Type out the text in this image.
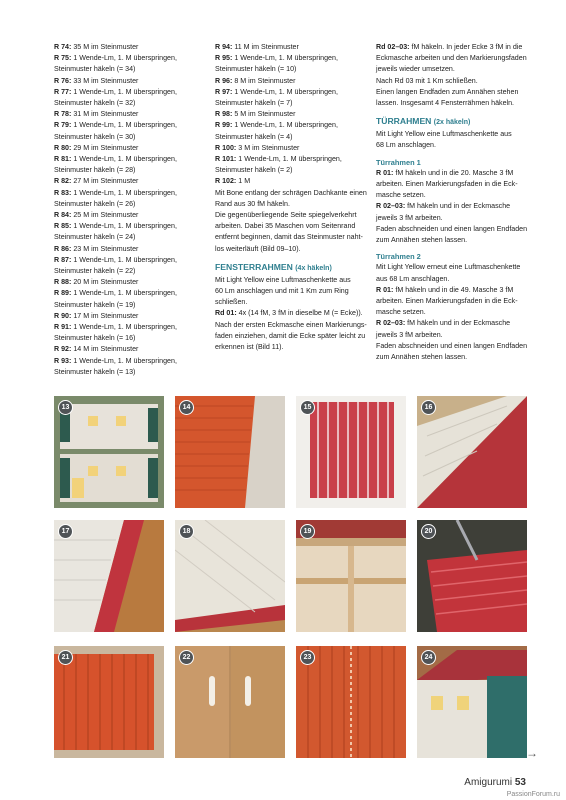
R 74: 35 M im Steinmuster
R 75: 1 Wende-Lm, 1. M überspringen,
Steinmuster häkeln (= 34)
R 76: 33 M im Steinmuster
R 77: 1 Wende-Lm, 1. M überspringen,
Steinmuster häkeln (= 32)
R 78: 31 M im Steinmuster
R 79: 1 Wende-Lm, 1. M überspringen,
Steinmuster häkeln (= 30)
R 80: 29 M im Steinmuster
R 81: 1 Wende-Lm, 1. M überspringen,
Steinmuster häkeln (= 28)
R 82: 27 M im Steinmuster
R 83: 1 Wende-Lm, 1. M überspringen,
Steinmuster häkeln (= 26)
R 84: 25 M im Steinmuster
R 85: 1 Wende-Lm, 1. M überspringen,
Steinmuster häkeln (= 24)
R 86: 23 M im Steinmuster
R 87: 1 Wende-Lm, 1. M überspringen,
Steinmuster häkeln (= 22)
R 88: 20 M im Steinmuster
R 89: 1 Wende-Lm, 1. M überspringen,
Steinmuster häkeln (= 19)
R 90: 17 M im Steinmuster
R 91: 1 Wende-Lm, 1. M überspringen,
Steinmuster häkeln (= 16)
R 92: 14 M im Steinmuster
R 93: 1 Wende-Lm, 1. M überspringen,
Steinmuster häkeln (= 13)
R 94: 11 M im Steinmuster
R 95: 1 Wende-Lm, 1. M überspringen,
Steinmuster häkeln (= 10)
R 96: 8 M im Steinmuster
R 97: 1 Wende-Lm, 1. M überspringen,
Steinmuster häkeln (= 7)
R 98: 5 M im Steinmuster
R 99: 1 Wende-Lm, 1. M überspringen,
Steinmuster häkeln (= 4)
R 100: 3 M im Steinmuster
R 101: 1 Wende-Lm, 1. M überspringen,
Steinmuster häkeln (= 2)
R 102: 1 M
Mit Bone entlang der schrägen Dachkante einen
Rand aus 30 fM häkeln.
Die gegenüberliegende Seite spiegelverkehrt
arbeiten. Dabei 35 Maschen vom Seitenrand
entfernt beginnen, damit das Steinmuster naht-
los weiterläuft (Bild 09–10).
FENSTERRAHMEN (4x häkeln)
Mit Light Yellow eine Luftmaschenkette aus
60 Lm anschlagen und mit 1 Km zum Ring
schließen.
Rd 01: 4x (14 fM, 3 fM in dieselbe M (= Ecke)).
Nach der ersten Eckmasche einen Markierungs-
faden einziehen, damit die Ecke später leicht zu
erkennen ist (Bild 11).
Rd 02–03: fM häkeln. In jeder Ecke 3 fM in die
Eckmasche arbeiten und den Markierungsfaden
jeweils wieder umsetzen.
Nach Rd 03 mit 1 Km schließen.
Einen langen Endfaden zum Annähen stehen
lassen. Insgesamt 4 Fensterrähmen häkeln.
TÜRRAHMEN (2x häkeln)
Mit Light Yellow eine Luftmaschenkette aus
68 Lm anschlagen.
Türrahmen 1
R 01: fM häkeln und in die 20. Masche 3 fM
arbeiten. Einen Markierungsfaden in die Eck-
masche setzen.
R 02–03: fM häkeln und in der Eckmasche
jeweils 3 fM arbeiten.
Faden abschneiden und einen langen Endfaden
zum Annähen stehen lassen.
Türrahmen 2
Mit Light Yellow erneut eine Luftmaschenkette
aus 68 Lm anschlagen.
R 01: fM häkeln und in die 49. Masche 3 fM
arbeiten. Einen Markierungsfaden in die Eck-
masche setzen.
R 02–03: fM häkeln und in der Eckmasche
jeweils 3 fM arbeiten.
Faden abschneiden und einen langen Endfaden
zum Annähen stehen lassen.
13	14	15	16
17	18	19	20
21	22	23	24
→
Amigurumi 53
PassionForum.ru
